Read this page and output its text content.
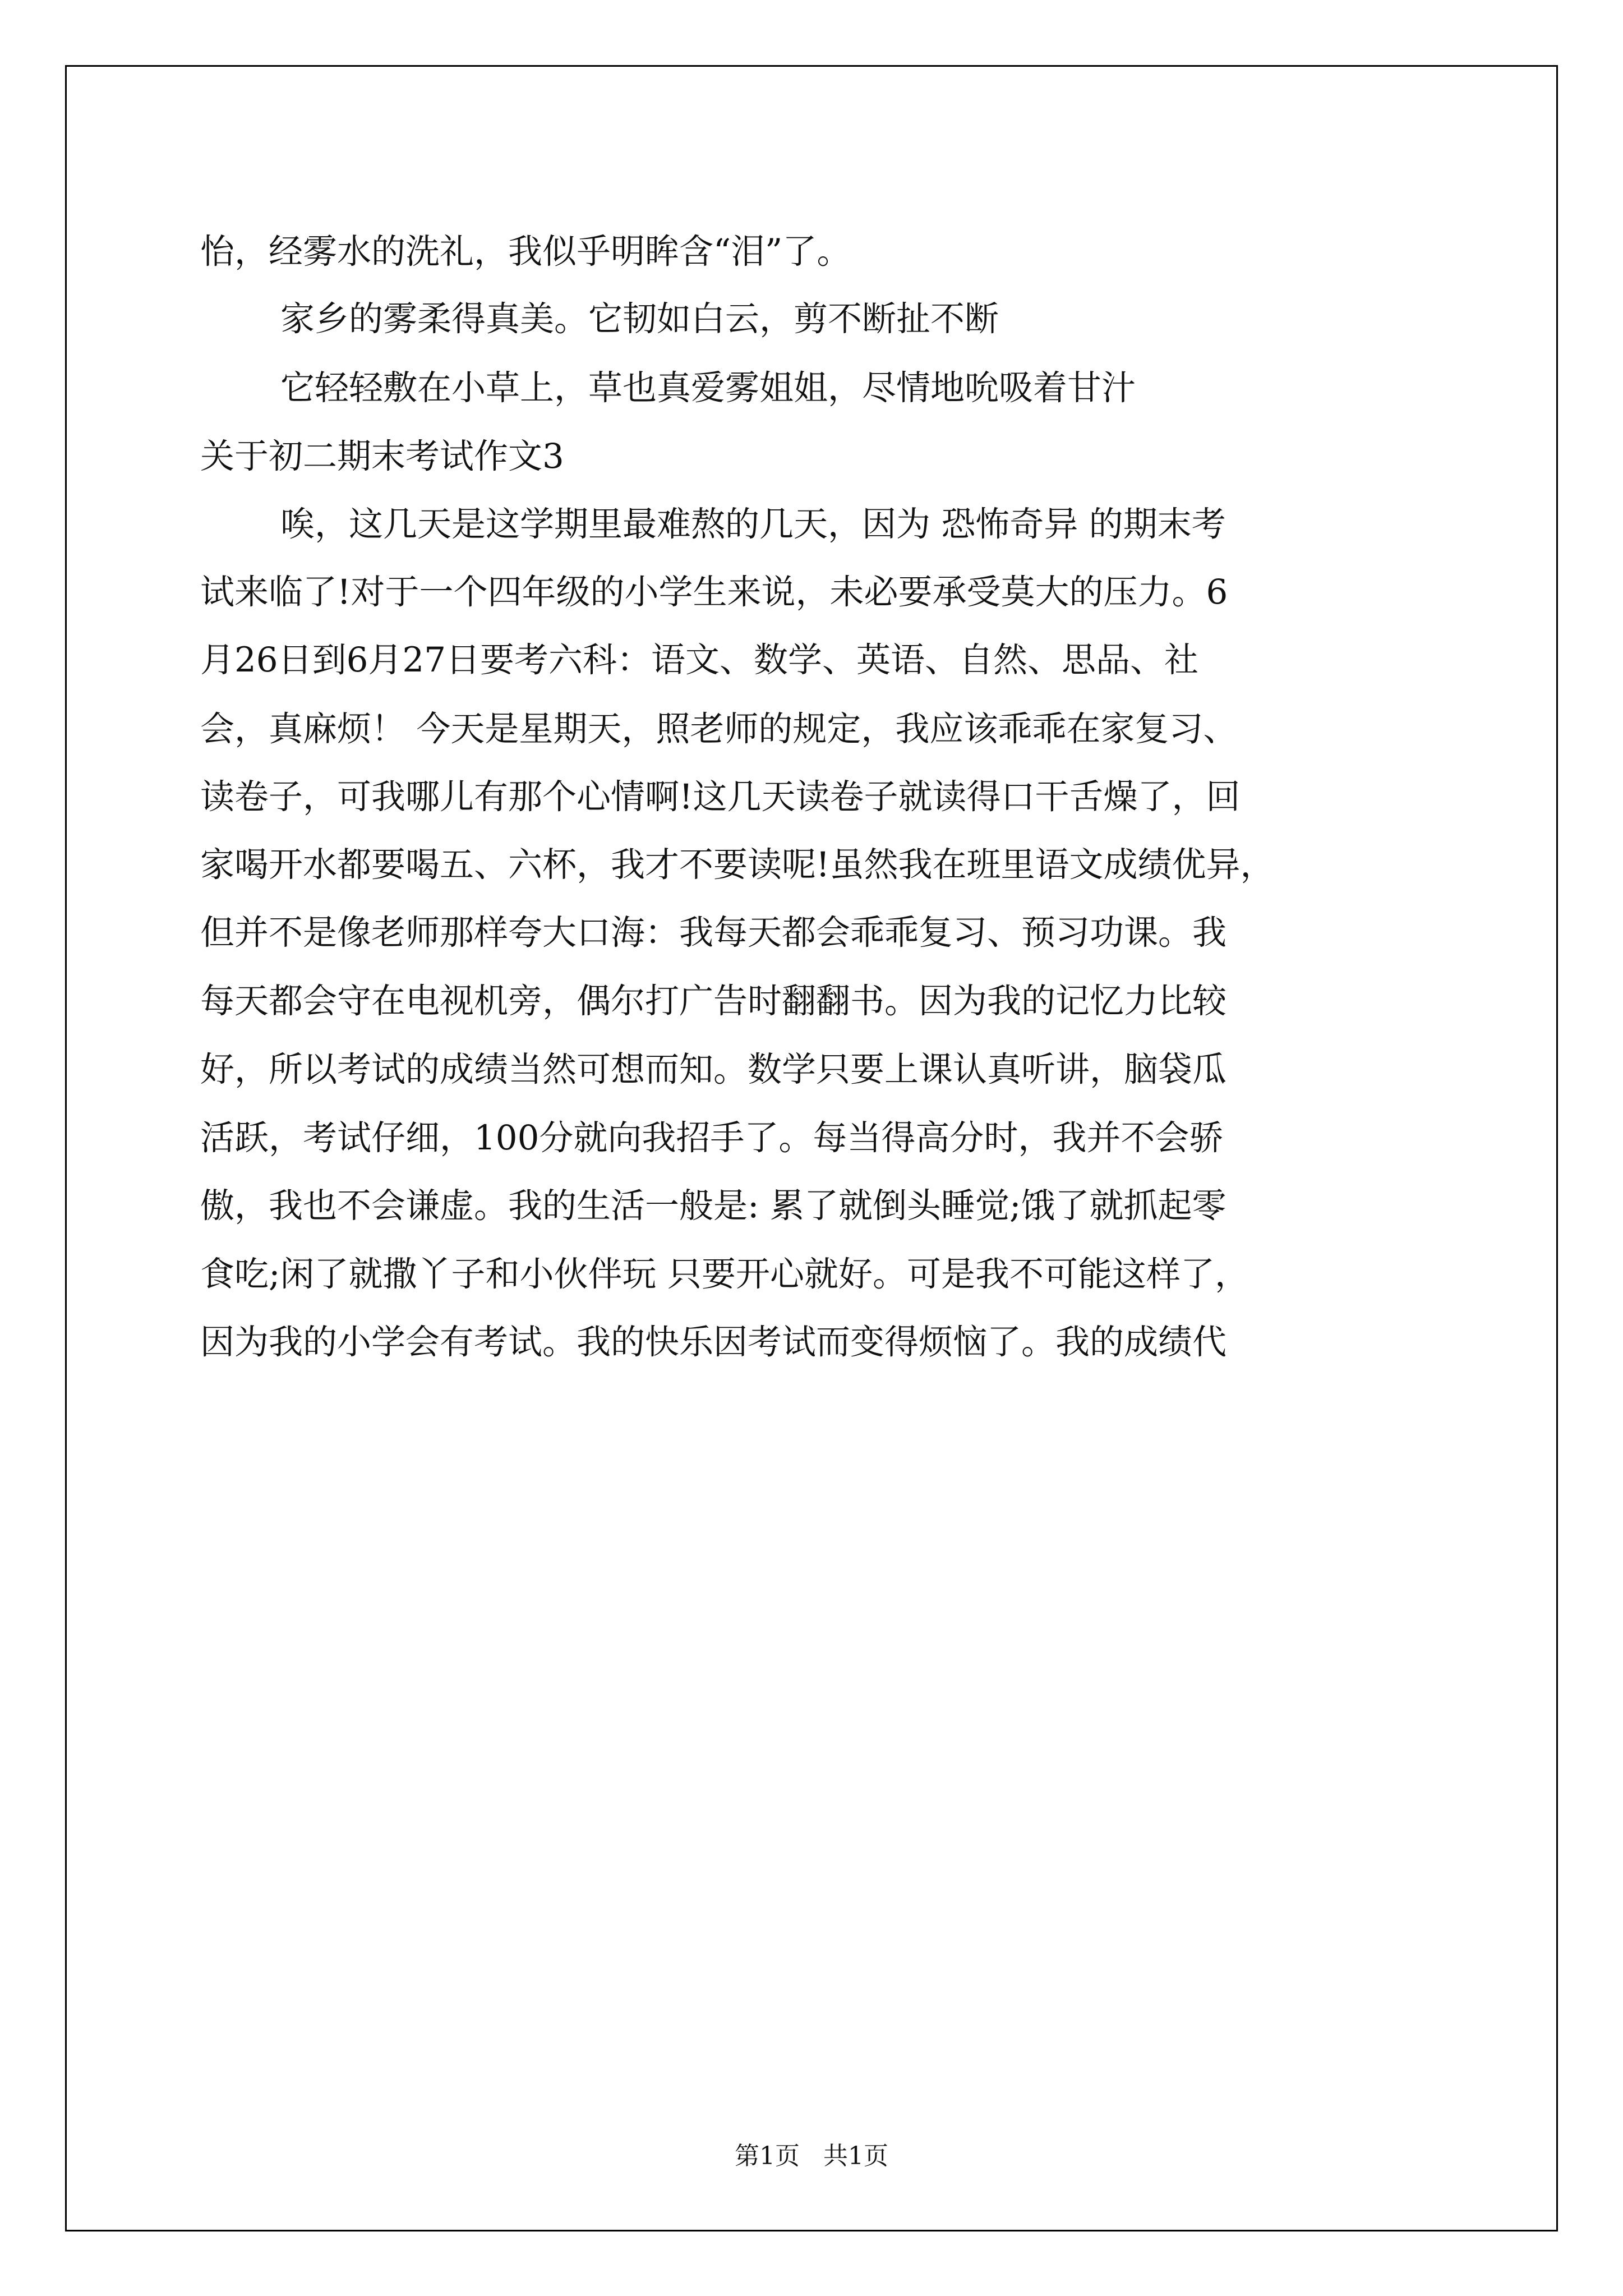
怡，经雾水的洗礼，我似乎明眸含“泪”了。
家乡的雾柔得真美。它韧如白云，剪不断扯不断
它轻轻敷在小草上，草也真爱雾姐姐，尽情地吮吸着甘汁
关于初二期末考试作文3
唉，这几天是这学期里最难熬的几天，因为 恐怖奇异 的期末考
试来临了!对于一个四年级的小学生来说，未必要承受莫大的压力。6
月26日到6月27日要考六科：语文、数学、英语、自然、思品、社
会，真麻烦！ 今天是星期天，照老师的规定，我应该乖乖在家复习、
读卷子，可我哪儿有那个心情啊!这几天读卷子就读得口干舌燥了，回
家喝开水都要喝五、六杯，我才不要读呢!虽然我在班里语文成绩优异，
但并不是像老师那样夸大口海：我每天都会乖乖复习、预习功课。我
每天都会守在电视机旁，偶尔打广告时翻翻书。因为我的记忆力比较
好，所以考试的成绩当然可想而知。数学只要上课认真听讲，脑袋瓜
活跃，考试仔细，100分就向我招手了。每当得高分时，我并不会骄
傲，我也不会谦虚。我的生活一般是: 累了就倒头睡觉;饿了就抓起零
食吃;闲了就撒丫子和小伙伴玩 只要开心就好。可是我不可能这样了，
因为我的小学会有考试。我的快乐因考试而变得烦恼了。我的成绩代
第1页   共1页
